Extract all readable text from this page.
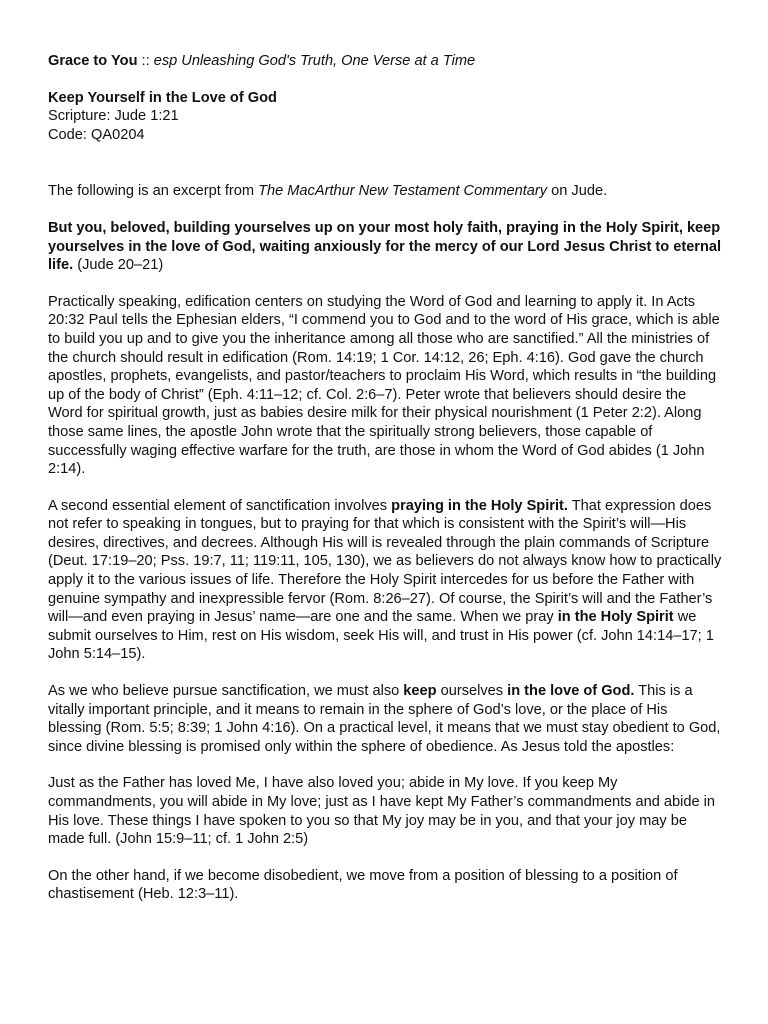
Grace to You :: esp Unleashing God's Truth, One Verse at a Time

Keep Yourself in the Love of God

Scripture: Jude 1:21

Code: QA0204

The following is an excerpt from The MacArthur New Testament Commentary on Jude.

But you, beloved, building yourselves up on your most holy faith, praying in the Holy Spirit, keep yourselves in the love of God, waiting anxiously for the mercy of our Lord Jesus Christ to eternal life. (Jude 20–21)

Practically speaking, edification centers on studying the Word of God and learning to apply it. In Acts 20:32 Paul tells the Ephesian elders, “I commend you to God and to the word of His grace, which is able to build you up and to give you the inheritance among all those who are sanctified.” All the ministries of the church should result in edification (Rom. 14:19; 1 Cor. 14:12, 26; Eph. 4:16). God gave the church apostles, prophets, evangelists, and pastor/teachers to proclaim His Word, which results in “the building up of the body of Christ” (Eph. 4:11–12; cf. Col. 2:6–7). Peter wrote that believers should desire the Word for spiritual growth, just as babies desire milk for their physical nourishment (1 Peter 2:2). Along those same lines, the apostle John wrote that the spiritually strong believers, those capable of successfully waging effective warfare for the truth, are those in whom the Word of God abides (1 John 2:14).

A second essential element of sanctification involves praying in the Holy Spirit. That expression does not refer to speaking in tongues, but to praying for that which is consistent with the Spirit’s will—His desires, directives, and decrees. Although His will is revealed through the plain commands of Scripture (Deut. 17:19–20; Pss. 19:7, 11; 119:11, 105, 130), we as believers do not always know how to practically apply it to the various issues of life. Therefore the Holy Spirit intercedes for us before the Father with genuine sympathy and inexpressible fervor (Rom. 8:26–27). Of course, the Spirit’s will and the Father’s will—and even praying in Jesus’ name—are one and the same. When we pray in the Holy Spirit we submit ourselves to Him, rest on His wisdom, seek His will, and trust in His power (cf. John 14:14–17; 1 John 5:14–15).

As we who believe pursue sanctification, we must also keep ourselves in the love of God. This is a vitally important principle, and it means to remain in the sphere of God’s love, or the place of His blessing (Rom. 5:5; 8:39; 1 John 4:16). On a practical level, it means that we must stay obedient to God, since divine blessing is promised only within the sphere of obedience. As Jesus told the apostles:

Just as the Father has loved Me, I have also loved you; abide in My love. If you keep My commandments, you will abide in My love; just as I have kept My Father’s commandments and abide in His love. These things I have spoken to you so that My joy may be in you, and that your joy may be made full. (John 15:9–11; cf. 1 John 2:5)

On the other hand, if we become disobedient, we move from a position of blessing to a position of chastisement (Heb. 12:3–11).
